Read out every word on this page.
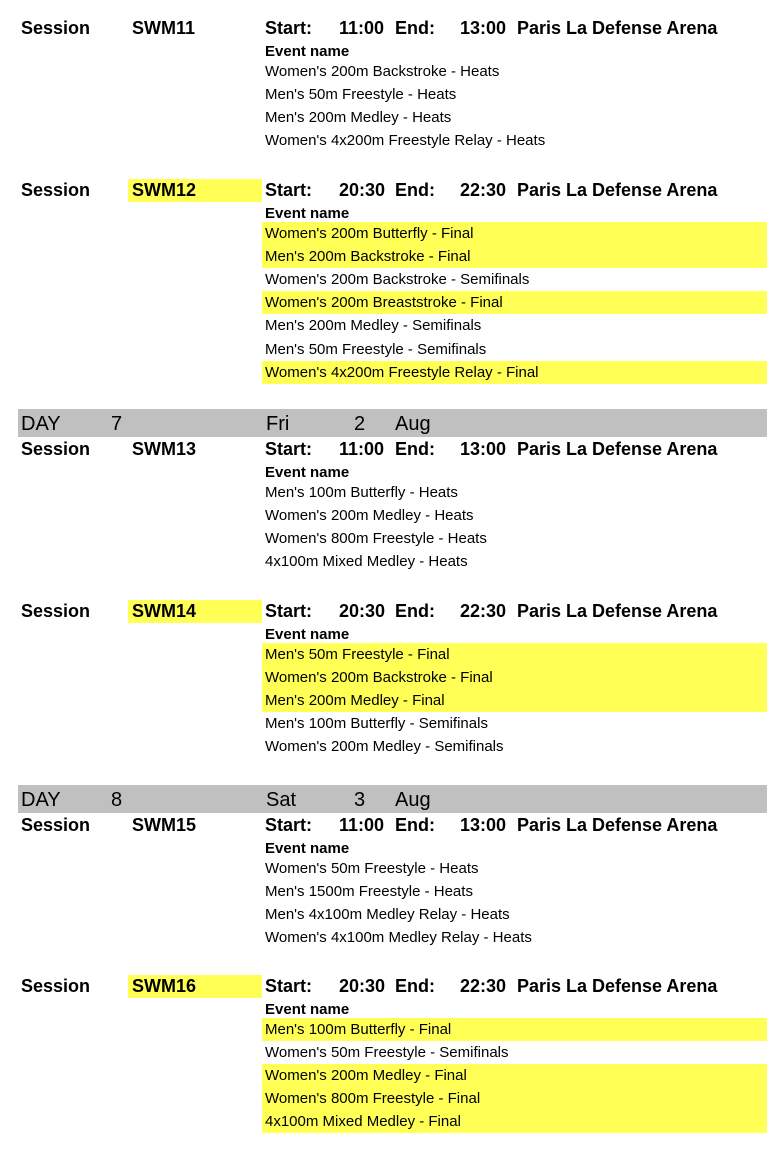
Session SWM11	Start: 11:00 End: 13:00 Paris La Defense Arena
Event name
Women's 200m Backstroke - Heats
Men's 50m Freestyle - Heats
Men's 200m Medley - Heats
Women's 4x200m Freestyle Relay - Heats
Session SWM12	Start: 20:30 End: 22:30 Paris La Defense Arena
Event name
Women's 200m Butterfly - Final
Men's 200m Backstroke - Final
Women's 200m Backstroke - Semifinals
Women's 200m Breaststroke - Final
Men's 200m Medley - Semifinals
Men's 50m Freestyle - Semifinals
Women's 4x200m Freestyle Relay - Final
DAY	7	Fri	2 Aug
Session SWM13	Start: 11:00 End: 13:00 Paris La Defense Arena
Event name
Men's 100m Butterfly - Heats
Women's 200m Medley - Heats
Women's 800m Freestyle - Heats
4x100m Mixed Medley - Heats
Session SWM14	Start: 20:30 End: 22:30 Paris La Defense Arena
Event name
Men's 50m Freestyle - Final
Women's 200m Backstroke - Final
Men's 200m Medley - Final
Men's 100m Butterfly - Semifinals
Women's 200m Medley - Semifinals
DAY	8	Sat	3 Aug
Session SWM15	Start: 11:00 End: 13:00 Paris La Defense Arena
Event name
Women's 50m Freestyle - Heats
Men's 1500m Freestyle - Heats
Men's 4x100m Medley Relay - Heats
Women's 4x100m Medley Relay - Heats
Session SWM16	Start: 20:30 End: 22:30 Paris La Defense Arena
Event name
Men's 100m Butterfly - Final
Women's 50m Freestyle - Semifinals
Women's 200m Medley - Final
Women's 800m Freestyle - Final
4x100m Mixed Medley - Final
